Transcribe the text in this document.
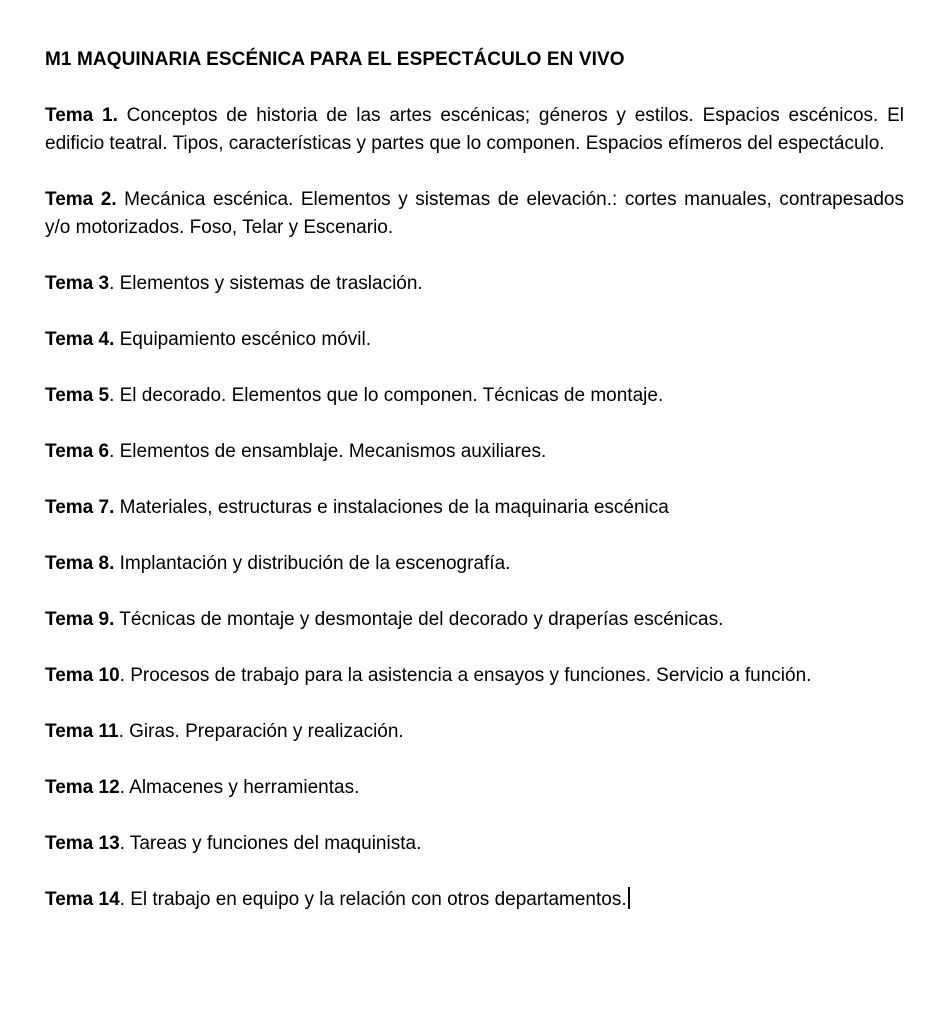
M1 MAQUINARIA ESCÉNICA PARA EL ESPECTÁCULO EN VIVO

Tema 1. Conceptos de historia de las artes escénicas; géneros y estilos. Espacios escénicos. El edificio teatral. Tipos, características y partes que lo componen. Espacios efímeros del espectáculo.

Tema 2. Mecánica escénica. Elementos y sistemas de elevación.: cortes manuales, contrapesados y/o motorizados. Foso, Telar y Escenario.

Tema 3. Elementos y sistemas de traslación.

Tema 4. Equipamiento escénico móvil.

Tema 5. El decorado. Elementos que lo componen. Técnicas de montaje.

Tema 6. Elementos de ensamblaje. Mecanismos auxiliares.

Tema 7. Materiales, estructuras e instalaciones de la maquinaria escénica

Tema 8. Implantación y distribución de la escenografía.

Tema 9. Técnicas de montaje y desmontaje del decorado y draperías escénicas.

Tema 10. Procesos de trabajo para la asistencia a ensayos y funciones. Servicio a función.

Tema 11. Giras. Preparación y realización.

Tema 12. Almacenes y herramientas.

Tema 13. Tareas y funciones del maquinista.

Tema 14. El trabajo en equipo y la relación con otros departamentos.
